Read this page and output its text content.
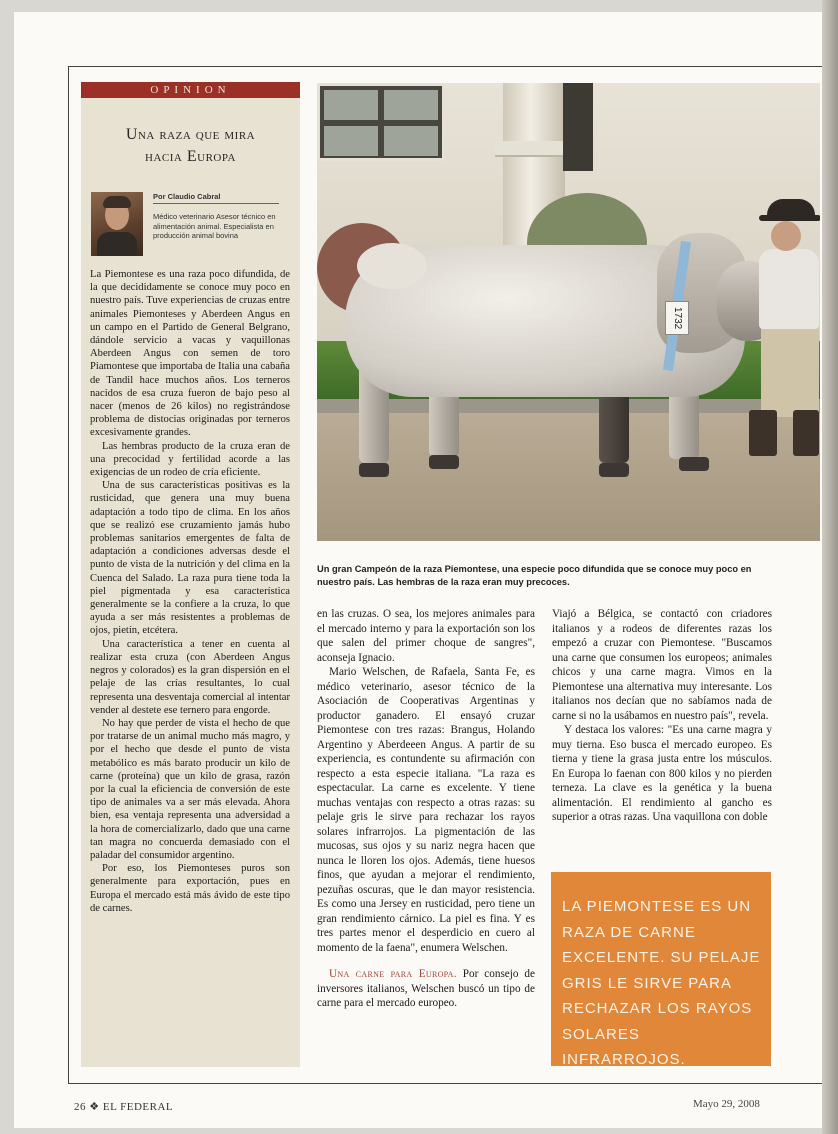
OPINION
Una raza que mira
hacia Europa
Por Claudio Cabral
Médico veterinario Asesor técnico en alimentación animal. Especialista en producción animal bovina

La Piemontese es una raza poco difundida, de la que decididamente se conoce muy poco en nuestro país. Tuve experiencias de cruzas entre animales Piemonteses y Aberdeen Angus en un campo en el Partido de General Belgrano, dándole servicio a vacas y vaquillonas Aberdeen Angus con semen de toro Piamontese que importaba de Italia una cabaña de Tandil hace muchos años. Los terneros nacidos de esa cruza fueron de bajo peso al nacer (menos de 26 kilos) no registrándose problema de distocias originadas por terneros excesivamente grandes.

Las hembras producto de la cruza eran de una precocidad y fertilidad acorde a las exigencias de un rodeo de cría eficiente.

Una de sus características positivas es la rusticidad, que genera una muy buena adaptación a todo tipo de clima. En los años que se realizó ese cruzamiento jamás hubo problemas sanitarios emergentes de falta de adaptación a condiciones adversas desde el punto de vista de la nutrición y del clima en la Cuenca del Salado. La raza pura tiene toda la piel pigmentada y esa característica generalmente se la confiere a la cruza, lo que ayuda a ser más resistentes a problemas de ojos, pietín, etcétera.

Una característica a tener en cuenta al realizar esta cruza (con Aberdeen Angus negros y colorados) es la gran dispersión en el pelaje de las crías resultantes, lo cual representa una desventaja comercial al intentar vender al destete ese ternero para engorde.

No hay que perder de vista el hecho de que por tratarse de un animal mucho más magro, y por el hecho que desde el punto de vista metabólico es más barato producir un kilo de carne (proteína) que un kilo de grasa, razón por la cual la eficiencia de conversión de este tipo de animales va a ser más elevada. Ahora bien, esa ventaja representa una adversidad a la hora de comercializarlo, dado que una carne tan magra no concuerda demasiado con el paladar del consumidor argentino.

Por eso, los Piemonteses puros son generalmente para exportación, pues en Europa el mercado está más ávido de este tipo de carnes.

1732
Un gran Campeón de la raza Piemontese, una especie poco difundida que se conoce muy poco en nuestro país. Las hembras de la raza eran muy precoces.

en las cruzas. O sea, los mejores animales para el mercado interno y para la exportación son los que salen del primer choque de sangres", aconseja Ignacio.

Mario Welschen, de Rafaela, Santa Fe, es médico veterinario, asesor técnico de la Asociación de Cooperativas Argentinas y productor ganadero. El ensayó cruzar Piemontese con tres razas: Brangus, Holando Argentino y Aberdeeen Angus. A partir de su experiencia, es contundente su afirmación con respecto a esta especie italiana. "La raza es espectacular. La carne es excelente. Y tiene muchas ventajas con respecto a otras razas: su pelaje gris le sirve para rechazar los rayos solares infrarrojos. La pigmentación de las mucosas, sus ojos y su nariz negra hacen que nunca le lloren los ojos. Además, tiene huesos finos, que ayudan a mejorar el rendimiento, pezuñas oscuras, que le dan mayor resistencia. Es como una Jersey en rusticidad, pero tiene un gran rendimiento cárnico. La piel es fina. Y es tres partes menor el desperdicio en cuero al momento de la faena", enumera Welschen.

Una carne para Europa. Por consejo de inversores italianos, Welschen buscó un tipo de carne para el mercado europeo.

Viajó a Bélgica, se contactó con criadores italianos y a rodeos de diferentes razas los empezó a cruzar con Piemontese. "Buscamos una carne que consumen los europeos; animales chicos y una carne magra. Vimos en la Piemontese una alternativa muy interesante. Los italianos nos decían que no sabíamos nada de carne si no la usábamos en nuestro país", revela.

Y destaca los valores: "Es una carne magra y muy tierna. Eso busca el mercado europeo. Es tierna y tiene la grasa justa entre los músculos. En Europa lo faenan con 800 kilos y no pierden terneza. La clave es la genética y la buena alimentación. El rendimiento al gancho es superior a otras razas. Una vaquillona con doble

LA PIEMONTESE ES UN RAZA DE CARNE EXCELENTE. SU PELAJE GRIS LE SIRVE PARA RECHAZAR LOS RAYOS SOLARES INFRARROJOS.
26 ❖ EL FEDERAL	Mayo 29, 2008
